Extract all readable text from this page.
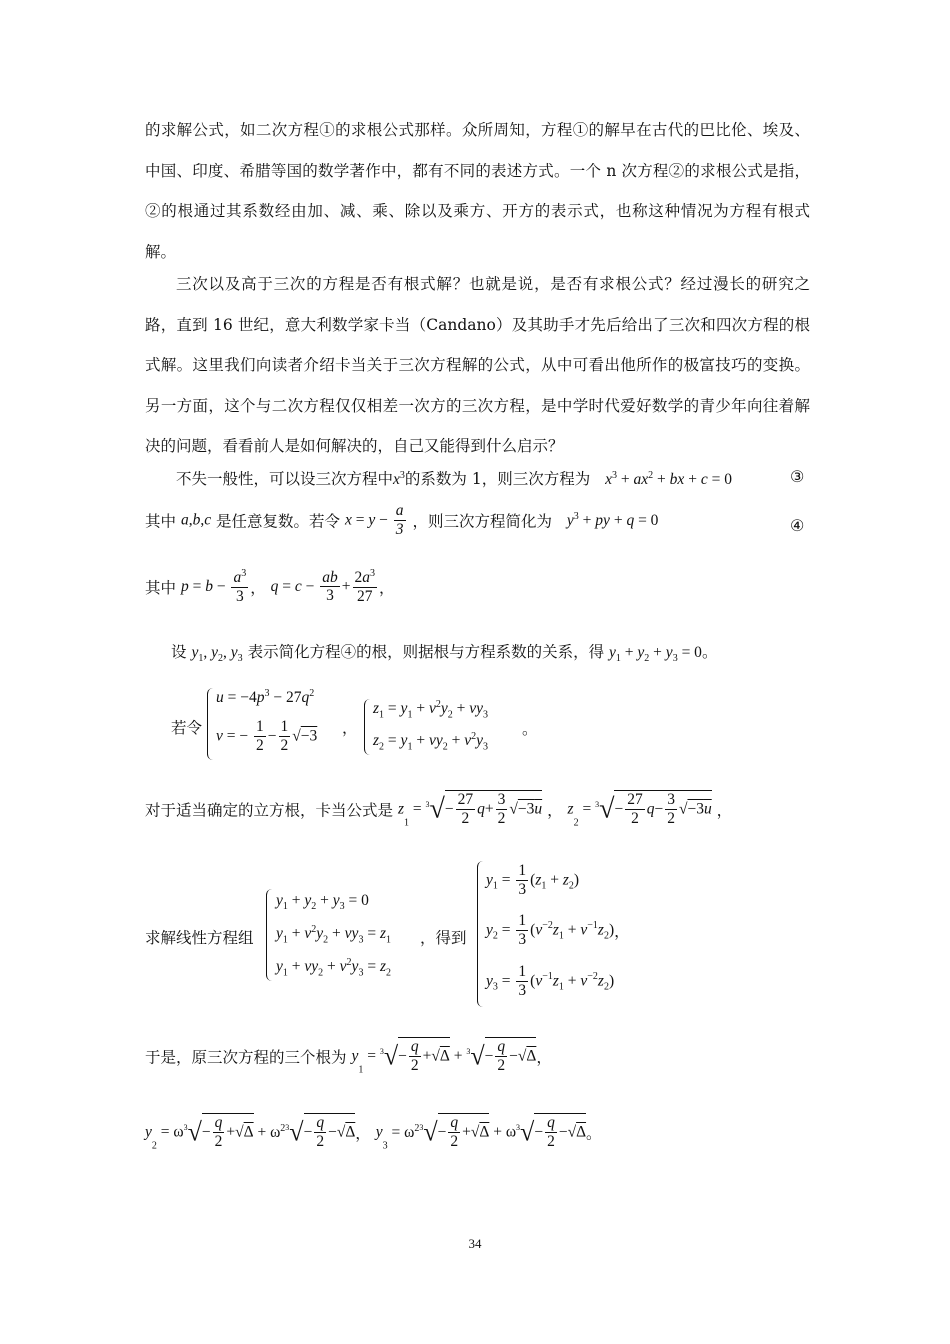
的求解公式，如二次方程①的求根公式那样。众所周知，方程①的解早在古代的巴比伦、埃及、中国、印度、希腊等国的数学著作中，都有不同的表述方式。一个 n 次方程②的求根公式是指，②的根通过其系数经由加、减、乘、除以及乘方、开方的表示式，也称这种情况为方程有根式解。

三次以及高于三次的方程是否有根式解？也就是说，是否有求根公式？经过漫长的研究之路，直到 16 世纪，意大利数学家卡当（Candano）及其助手才先后给出了三次和四次方程的根式解。这里我们向读者介绍卡当关于三次方程解的公式，从中可看出他所作的极富技巧的变换。另一方面，这个与二次方程仅仅相差一次方的三次方程，是中学时代爱好数学的青少年向往着解决的问题，看看前人是如何解决的，自己又能得到什么启示？

不失一般性，可以设三次方程中$x^3$的系数为 1，则三次方程为 $x^3 + ax^2$ + bx + c = 0	③
其中 a,b,c 是任意复数。若令 $x = y - \frac{a}{3}$ ，则三次方程简化为 $y^3$ + py + q = 0	④
其中 $p = b - \frac{a^3}{3}$ ， $q = c - \frac{ab}{3} + \frac{2a^3}{27}$ ，
设 $y_1$, $y_2$, $y_3$ 表示简化方程④的根，则据根与方程系数的关系，得 $y_1 + y_2 + y_3 = 0$。
若令
$u = -4p^3 - 27q^2$
v = − $\frac{1}{2} - \frac{1}{2} √-3$ ，
$z_1 = y_1 + v^2y_2 + vy_3$
$z_2 = y_1 + vy_2 + v^2y_3$
。
对于适当确定的立方根，卡当公式是 $z_1 = ^3√- \frac{27}{2} q+ \frac{3}{2} √-3u$ ， $z_2 = ^3√- \frac{27}{2} q- \frac{3}{2} √-3u$ ，
求解线性方程组
$y_1 + y_2 + y_3 = 0$
$y_1 + v^2y_2 + vy_3 = z_1$
$y_1 + vy_2 + v^2y_3 = z_2$
，得到
$y_1 = \frac{1}{3} (z_1 + z_2)$
$y_2 = \frac{1}{3} (v^{-2}z_1 + v^{-1}z_2)$，
$y_3 = \frac{1}{3} (v^{-1}z_1 + v^{-2}z_2)$
于是，原三次方程的三个根为 $y_1 = ^3√- \frac{q}{2} +√\Delta + ^3√- \frac{q}{2} -√\Delta$，
$y_2 = \omega^3√- \frac{q}{2} +√\Delta + \omega^{23}√- \frac{q}{2} -√\Delta$， $y_3 = \omega^{23}√- \frac{q}{2} +√\Delta + \omega^3√- \frac{q}{2} -√\Delta$。
34
